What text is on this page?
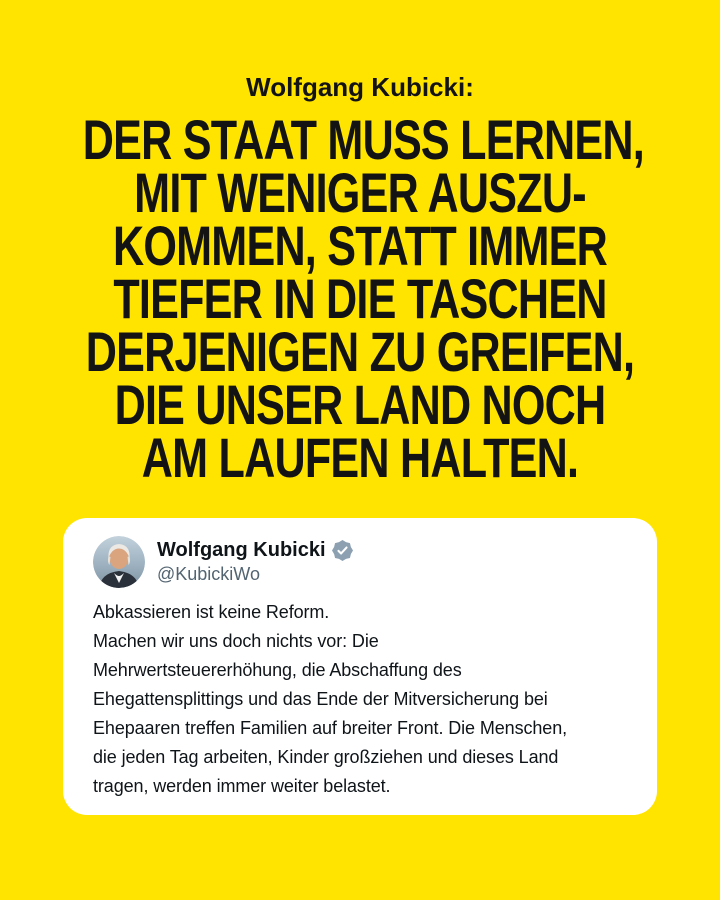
Wolfgang Kubicki:
DER STAAT MUSS LERNEN,
MIT WENIGER AUSZU-
KOMMEN, STATT IMMER
TIEFER IN DIE TASCHEN
DERJENIGEN ZU GREIFEN,
DIE UNSER LAND NOCH
AM LAUFEN HALTEN.
Wolfgang Kubicki
@KubickiWo
Abkassieren ist keine Reform.
Machen wir uns doch nichts vor: Die
Mehrwertsteuererhöhung, die Abschaffung des
Ehegattensplittings und das Ende der Mitversicherung bei
Ehepaaren treffen Familien auf breiter Front. Die Menschen,
die jeden Tag arbeiten, Kinder großziehen und dieses Land
tragen, werden immer weiter belastet.
